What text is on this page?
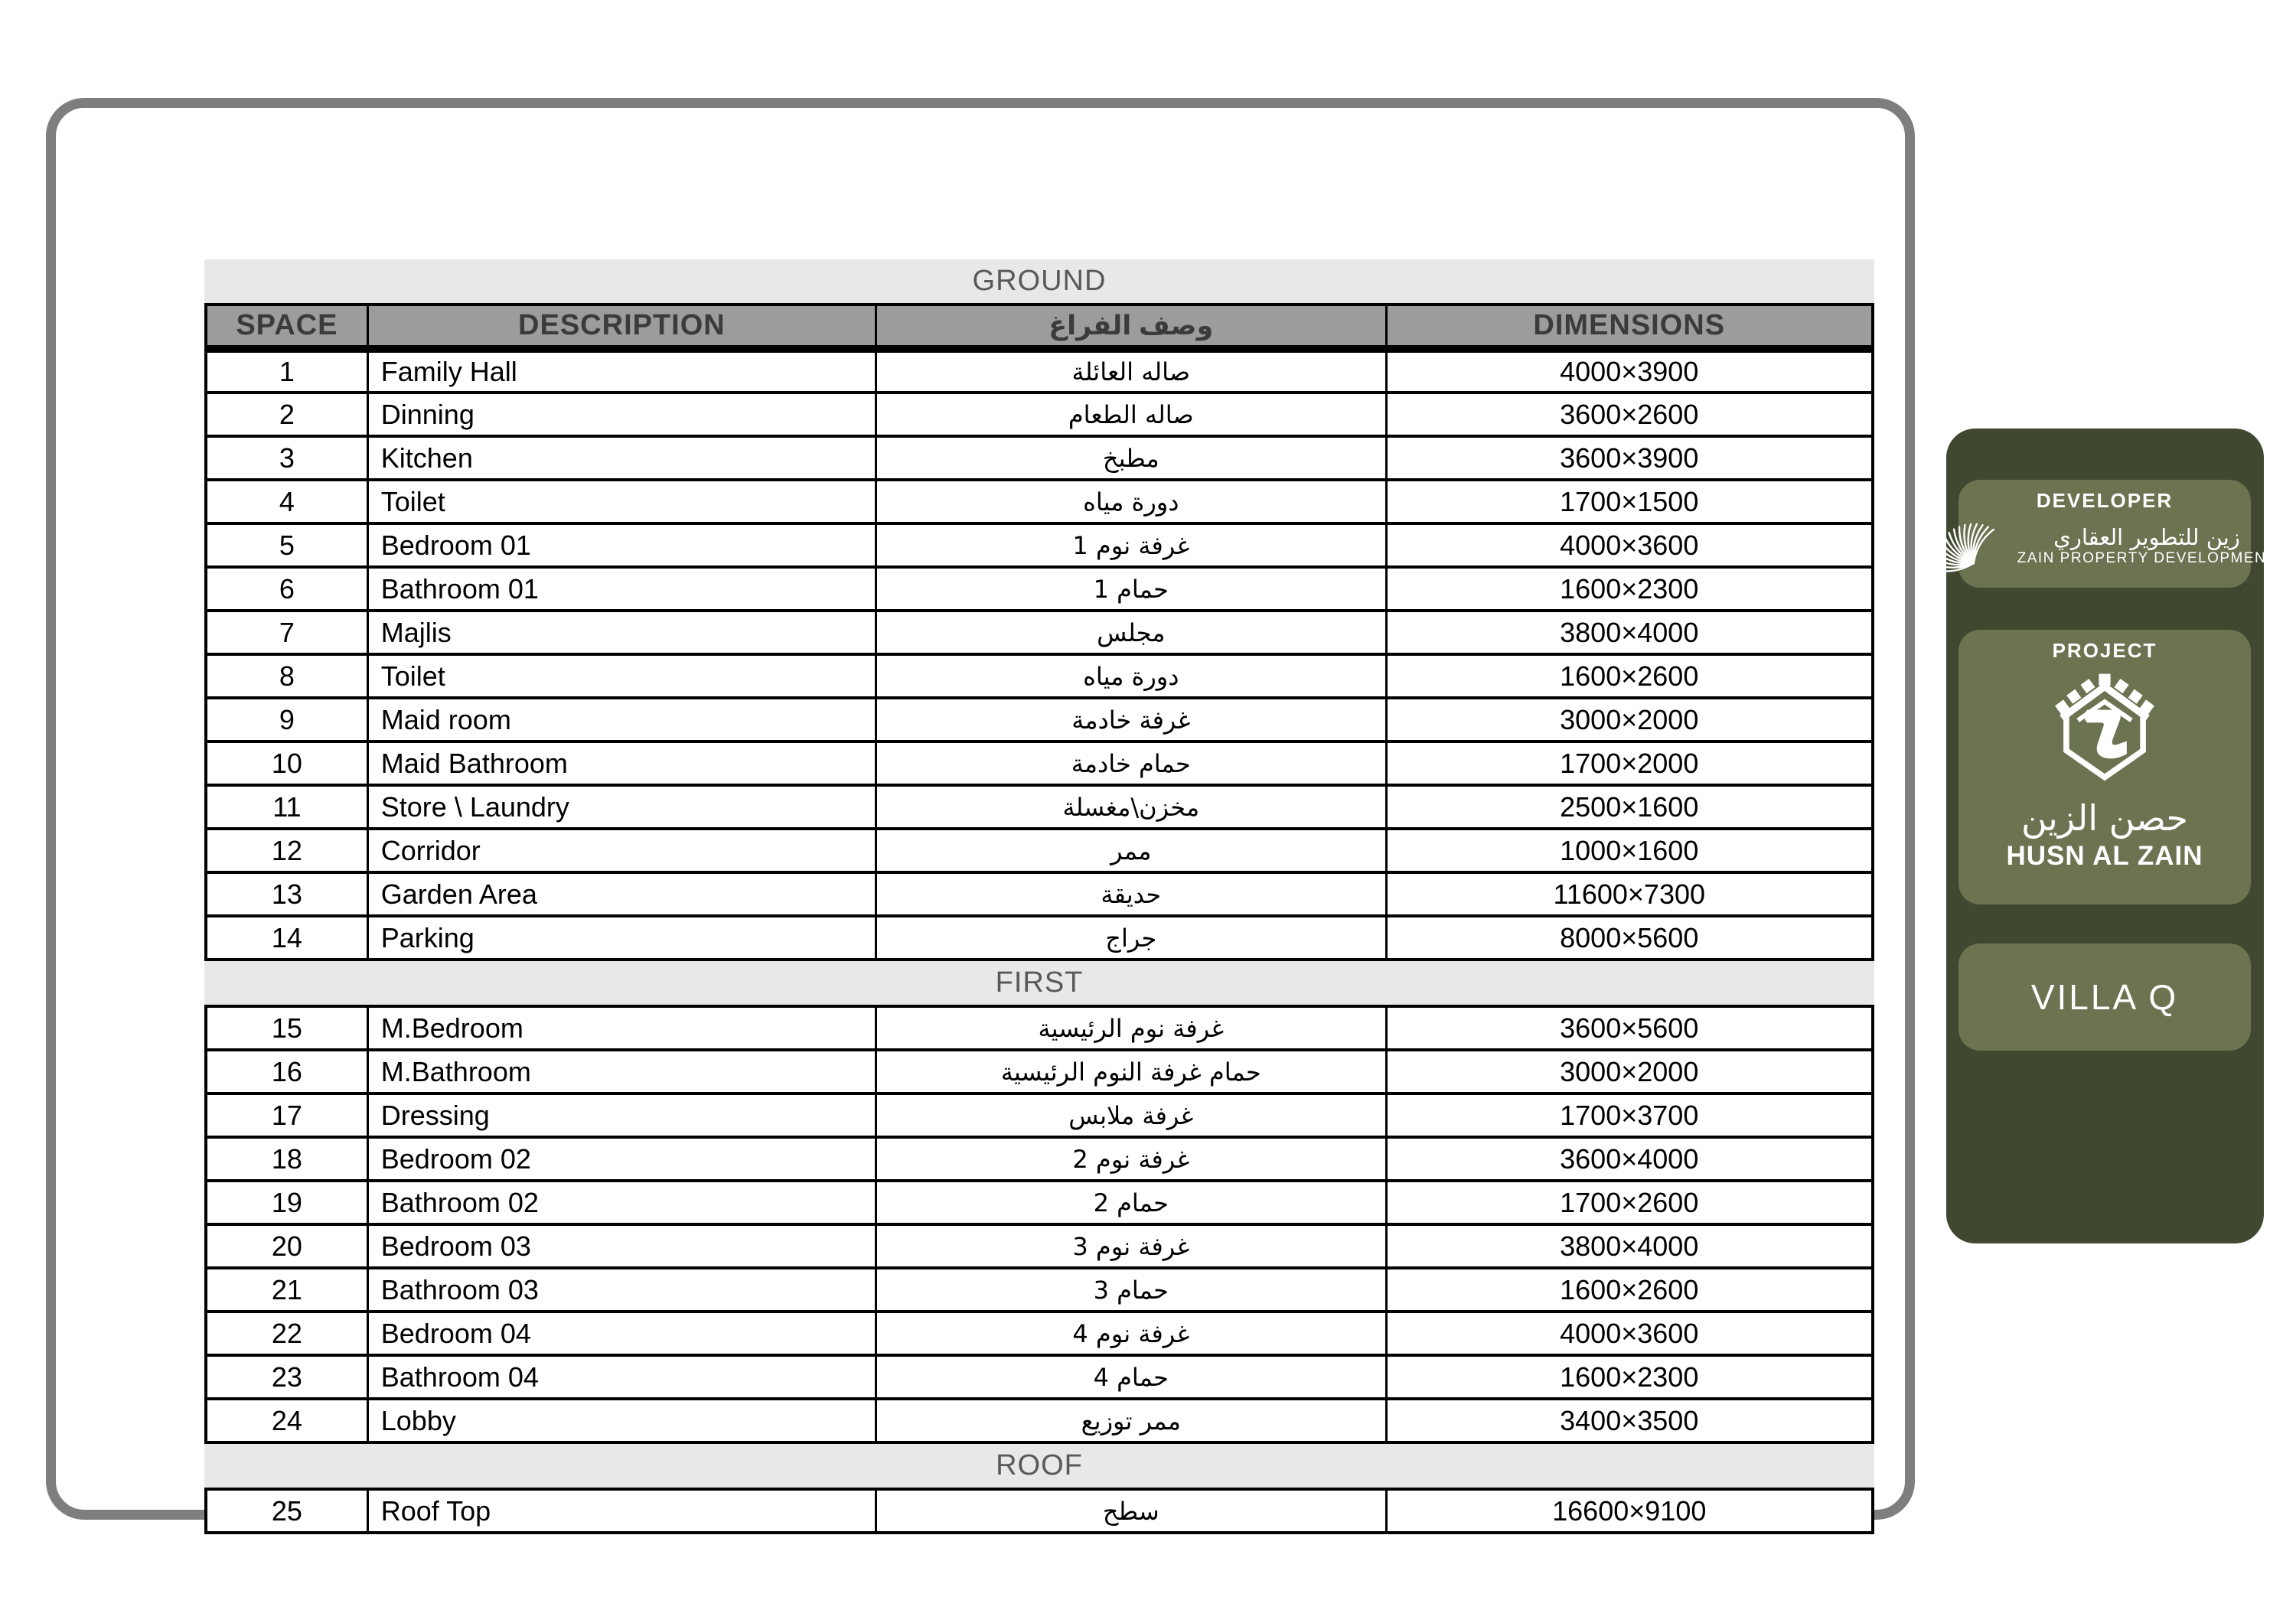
GROUND
SPACE	DESCRIPTION	وصف الفراغ	DIMENSIONS
1	Family Hall	صاله العائلة	4000×3900
2	Dinning	صاله الطعام	3600×2600
3	Kitchen	مطبخ	3600×3900
4	Toilet	دورة مياه	1700×1500
5	Bedroom 01	غرفة نوم 1	4000×3600
6	Bathroom 01	حمام 1	1600×2300
7	Majlis	مجلس	3800×4000
8	Toilet	دورة مياه	1600×2600
9	Maid room	غرفة خادمة	3000×2000
10	Maid Bathroom	حمام خادمة	1700×2000
11	Store \ Laundry	مخزن\مغسلة	2500×1600
12	Corridor	ممر	1000×1600
13	Garden Area	حديقة	11600×7300
14	Parking	جراج	8000×5600
FIRST
15	M.Bedroom	غرفة نوم الرئيسية	3600×5600
16	M.Bathroom	حمام غرفة النوم الرئيسية	3000×2000
17	Dressing	غرفة ملابس	1700×3700
18	Bedroom 02	غرفة نوم 2	3600×4000
19	Bathroom 02	حمام 2	1700×2600
20	Bedroom 03	غرفة نوم 3	3800×4000
21	Bathroom 03	حمام 3	1600×2600
22	Bedroom 04	غرفة نوم 4	4000×3600
23	Bathroom 04	حمام 4	1600×2300
24	Lobby	ممر توزيع	3400×3500
ROOF
25	Roof Top	سطح	16600×9100
DEVELOPER
زين للتطوير العقاري
ZAIN PROPERTY DEVELOPMENT
PROJECT
حصن الزين
HUSN AL ZAIN
VILLA Q
